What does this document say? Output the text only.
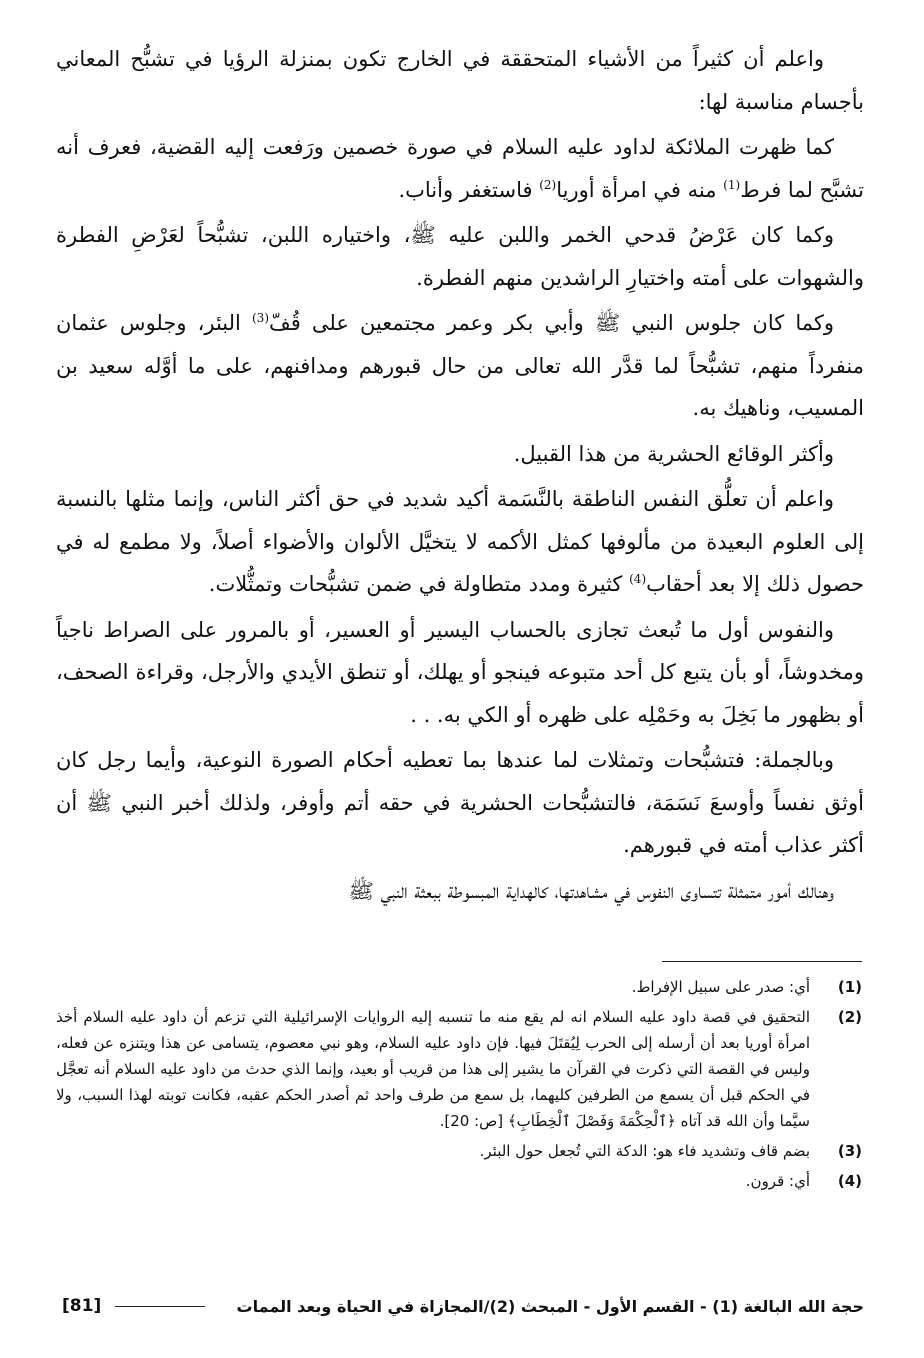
واعلم أن كثيراً من الأشياء المتحققة في الخارج تكون بمنزلة الرؤيا في تشبُّح المعاني بأجسام مناسبة لها:

كما ظهرت الملائكة لداود عليه السلام في صورة خصمين ورَفعت إليه القضية، فعرف أنه تشبَّح لما فرط$^{(1)}$ منه في امرأة أوريا$^{(2)}$ فاستغفر وأناب.

وكما كان عَرْضُ قدحي الخمر واللبن عليه ﷺ، واختياره اللبن، تشبُّحاً لعَرْضِ الفطرة والشهوات على أمته واختيارِ الراشدين منهم الفطرة.

وكما كان جلوس النبي ﷺ وأبي بكر وعمر مجتمعين على قُفّ$^{(3)}$ البئر، وجلوس عثمان منفرداً منهم، تشبُّحاً لما قدَّر الله تعالى من حال قبورهم ومدافنهم، على ما أوَّله سعيد بن المسيب، وناهيك به.

وأكثر الوقائع الحشرية من هذا القبيل.

واعلم أن تعلُّق النفس الناطقة بالنَّسَمة أكيد شديد في حق أكثر الناس، وإنما مثلها بالنسبة إلى العلوم البعيدة من مألوفها كمثل الأكمه لا يتخيَّل الألوان والأضواء أصلاً، ولا مطمع له في حصول ذلك إلا بعد أحقاب$^{(4)}$ كثيرة ومدد متطاولة في ضمن تشبُّحات وتمثُّلات.

والنفوس أول ما تُبعث تجازى بالحساب اليسير أو العسير، أو بالمرور على الصراط ناجياً ومخدوشاً، أو بأن يتبع كل أحد متبوعه فينجو أو يهلك، أو تنطق الأيدي والأرجل، وقراءة الصحف، أو بظهور ما بَخِلَ به وحَمْلِه على ظهره أو الكي به. . .

وبالجملة: فتشبُّحات وتمثلات لما عندها بما تعطيه أحكام الصورة النوعية، وأيما رجل كان أوثق نفساً وأوسعَ نَسَمَة، فالتشبُّحات الحشرية في حقه أتم وأوفر، ولذلك أخبر النبي ﷺ أن أكثر عذاب أمته في قبورهم.

وهنالك أمور متمثلة تتساوى النفوس في مشاهدتها، كالهداية المبسوطة ببعثة النبي ﷺ

(1)
أي: صدر على سبيل الإفراط.
(2)
التحقيق في قصة داود عليه السلام انه لم يقع منه ما تنسبه إليه الروايات الإسرائيلية التي تزعم أن داود عليه السلام أخذ امرأة أوريا بعد أن أرسله إلى الحرب لِيُقتَلَ فيها. فإن داود عليه السلام، وهو نبي معصوم، يتسامى عن هذا ويتنزه عن فعله، وليس في القصة التي ذكرت في القرآن ما يشير إلى هذا من قريب أو بعيد، وإنما الذي حدث من داود عليه السلام أنه تعجَّل في الحكم قبل أن يسمع من الطرفين كليهما، بل سمع من طرف واحد ثم أصدر الحكم عقبه، فكانت توبته لهذا السبب، ولا سيَّما وأن الله قد آتاه ﴿ٱلْحِكْمَةَ وَفَصْلَ ٱلْخِطَابِ﴾ [ص: 20].
(3)
بضم قاف وتشديد فاء هو: الدكة التي تُجعل حول البئر.
(4)
أي: قرون.
حجة الله البالغة (1) - القسم الأول - المبحث (2)/المجازاة في الحياة وبعد الممات
[81]
